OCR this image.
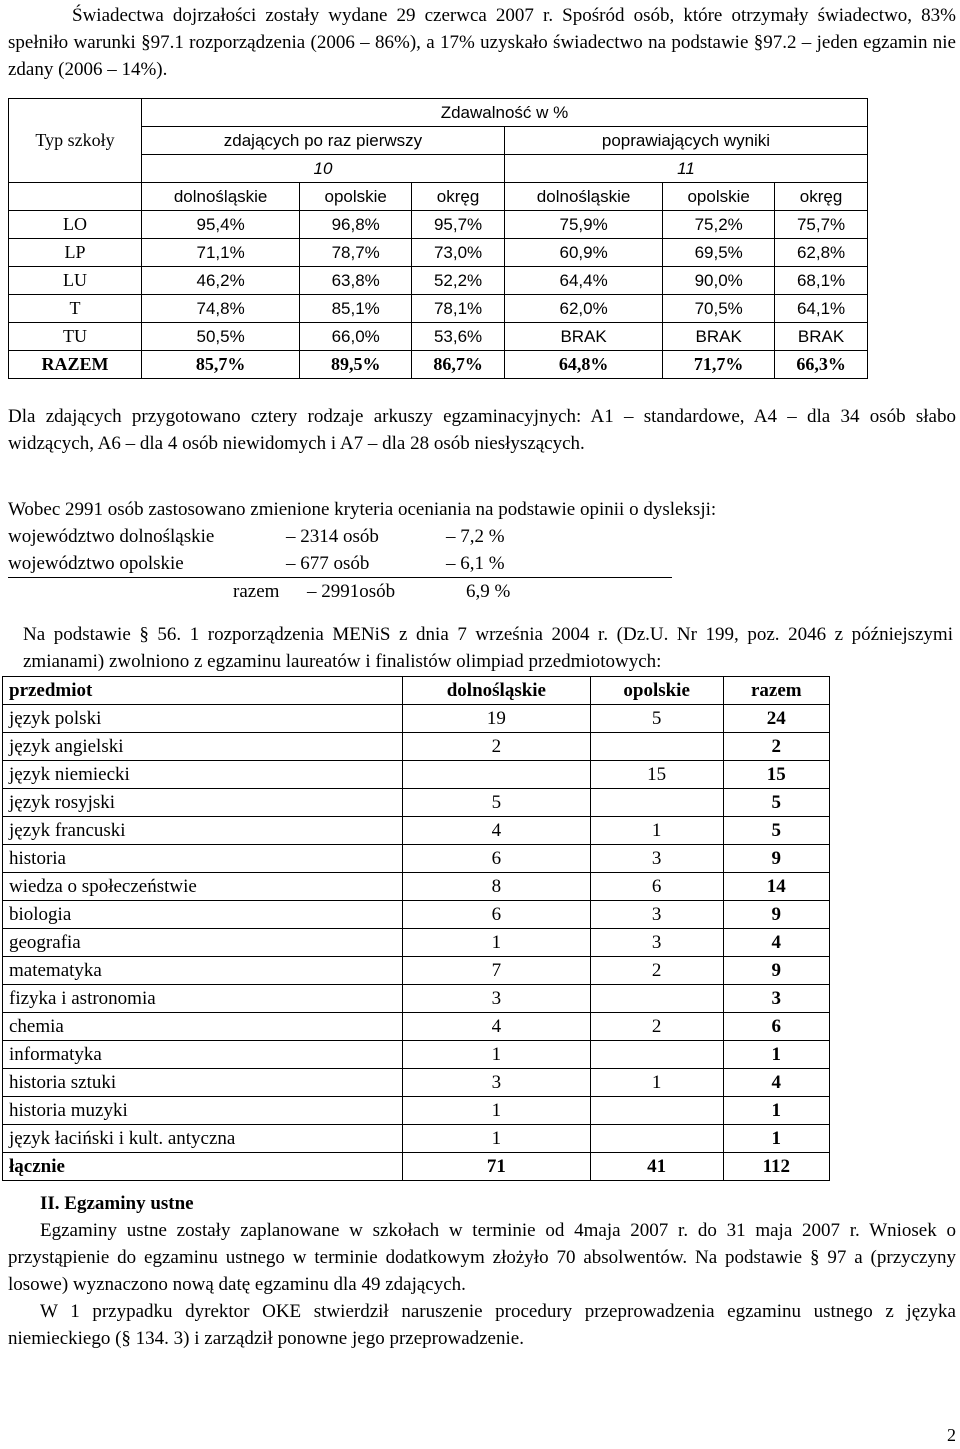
Świadectwa dojrzałości zostały wydane 29 czerwca 2007 r. Spośród osób, które otrzymały świadectwo, 83% spełniło warunki §97.1 rozporządzenia (2006 – 86%), a 17% uzyskało świadectwo na podstawie §97.2 – jeden egzamin nie zdany (2006 – 14%).

Typ szkoły	Zdawalność w %					
	zdających po raz pierwszy			poprawiających wyniki		
	10			11		
	dolnośląskie	opolskie	okręg	dolnośląskie	opolskie	okręg
LO	95,4%	96,8%	95,7%	75,9%	75,2%	75,7%
LP	71,1%	78,7%	73,0%	60,9%	69,5%	62,8%
LU	46,2%	63,8%	52,2%	64,4%	90,0%	68,1%
T	74,8%	85,1%	78,1%	62,0%	70,5%	64,1%
TU	50,5%	66,0%	53,6%	BRAK	BRAK	BRAK
RAZEM	85,7%	89,5%	86,7%	64,8%	71,7%	66,3%

Dla zdających przygotowano cztery rodzaje arkuszy egzaminacyjnych: A1 – standardowe, A4 – dla 34 osób słabo widzących, A6 – dla 4 osób niewidomych i A7 – dla 28 osób niesłyszących.

Wobec 2991 osób zastosowano zmienione kryteria oceniania na podstawie opinii o dysleksji:

województwo dolnośląskie	– 2314 osób	– 7,2 %
województwo opolskie	– 677 osób	– 6,1 %
razem – 2991osób	6,9 %

Na podstawie § 56. 1 rozporządzenia MENiS z dnia 7 września 2004 r. (Dz.U. Nr 199, poz. 2046 z późniejszymi zmianami) zwolniono z egzaminu laureatów i finalistów olimpiad przedmiotowych:

przedmiot	dolnośląskie	opolskie	razem
język polski	19	5	24
język angielski	2		2
język niemiecki		15	15
język rosyjski	5		5
język francuski	4	1	5
historia	6	3	9
wiedza o społeczeństwie	8	6	14
biologia	6	3	9
geografia	1	3	4
matematyka	7	2	9
fizyka i astronomia	3		3
chemia	4	2	6
informatyka	1		1
historia sztuki	3	1	4
historia muzyki	1		1
język łaciński i kult. antyczna	1		1
łącznie	71	41	112

II. Egzaminy ustne

Egzaminy ustne zostały zaplanowane w szkołach w terminie od 4maja 2007 r. do 31 maja 2007 r. Wniosek o przystąpienie do egzaminu ustnego w terminie dodatkowym złożyło 70 absolwentów. Na podstawie § 97 a (przyczyny losowe) wyznaczono nową datę egzaminu dla 49 zdających.

W 1 przypadku dyrektor OKE stwierdził naruszenie procedury przeprowadzenia egzaminu ustnego z języka niemieckiego (§ 134. 3) i zarządził ponowne jego przeprowadzenie.

2
